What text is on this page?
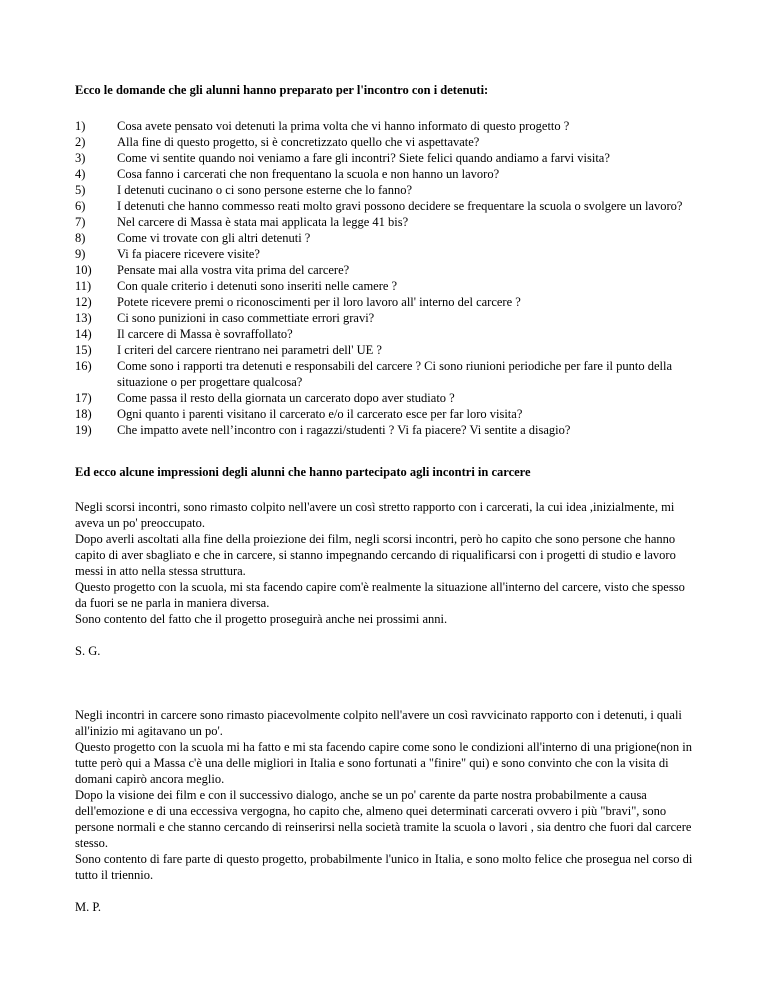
Ecco le domande che gli alunni hanno preparato per l'incontro con i detenuti:

1)	Cosa avete pensato voi detenuti la prima volta che vi hanno informato di questo progetto ?
2)	Alla fine di questo progetto, si è concretizzato quello che vi aspettavate?
3)	Come vi sentite quando noi veniamo a fare gli incontri? Siete felici quando andiamo a farvi visita?
4)	Cosa fanno i carcerati che non frequentano la scuola e non hanno un lavoro?
5)	I detenuti cucinano o ci sono persone esterne che lo fanno?
6)	I detenuti che hanno commesso reati molto gravi possono decidere se frequentare la scuola o svolgere un lavoro?
7)	Nel carcere di Massa è stata mai applicata la legge 41 bis?
8)	Come vi trovate con gli altri detenuti ?
9)	Vi fa piacere ricevere visite?
10) Pensate mai alla vostra vita prima del carcere?
11) Con quale criterio i detenuti sono inseriti nelle camere ?
12) Potete ricevere premi o riconoscimenti per il loro lavoro all' interno del carcere ?
13) Ci sono punizioni in caso commettiate errori gravi?
14) Il carcere di Massa è sovraffollato?
15) I criteri del carcere rientrano nei parametri dell' UE ?
16) Come sono i rapporti tra detenuti e responsabili del carcere ? Ci sono riunioni periodiche per fare il punto della situazione o per progettare qualcosa?
17) Come passa il resto della giornata un carcerato dopo aver studiato ?
18) Ogni quanto i parenti visitano il carcerato e/o il carcerato esce per far loro visita?
19) Che impatto avete nell’incontro con i ragazzi/studenti ? Vi fa piacere? Vi sentite a disagio?

Ed ecco alcune impressioni degli alunni che hanno partecipato agli incontri in carcere

Negli scorsi incontri, sono rimasto colpito nell'avere un così stretto rapporto con i carcerati, la cui idea ,inizialmente, mi aveva un po' preoccupato.

Dopo averli ascoltati alla fine della proiezione dei film, negli scorsi incontri, però ho capito che sono persone che hanno capito di aver sbagliato e che in carcere, si stanno impegnando cercando di riqualificarsi con i progetti di studio e lavoro messi in atto nella stessa struttura.

Questo progetto con la scuola, mi sta facendo capire com'è realmente la situazione all'interno del carcere, visto che spesso da fuori se ne parla in maniera diversa.

Sono contento del fatto che il progetto proseguirà anche nei prossimi anni.

S. G.

Negli incontri in carcere sono rimasto piacevolmente colpito nell'avere un così ravvicinato rapporto con i detenuti, i quali all'inizio mi agitavano un po'.

Questo progetto con la scuola mi ha fatto e mi sta facendo capire come sono le condizioni all'interno di una prigione(non in tutte però qui a Massa c'è una delle migliori in Italia e sono fortunati a "finire" qui) e sono convinto che con la visita di domani capirò ancora meglio.

Dopo la visione dei film e con il successivo dialogo, anche se un po' carente da parte nostra probabilmente a causa dell'emozione e di una eccessiva vergogna, ho capito che, almeno quei determinati carcerati ovvero i più "bravi", sono persone normali e che stanno cercando di reinserirsi nella società tramite la scuola o lavori , sia dentro che fuori dal carcere stesso.

Sono contento di fare parte di questo progetto, probabilmente l'unico in Italia, e sono molto felice che prosegua nel corso di tutto il triennio.

M. P.
